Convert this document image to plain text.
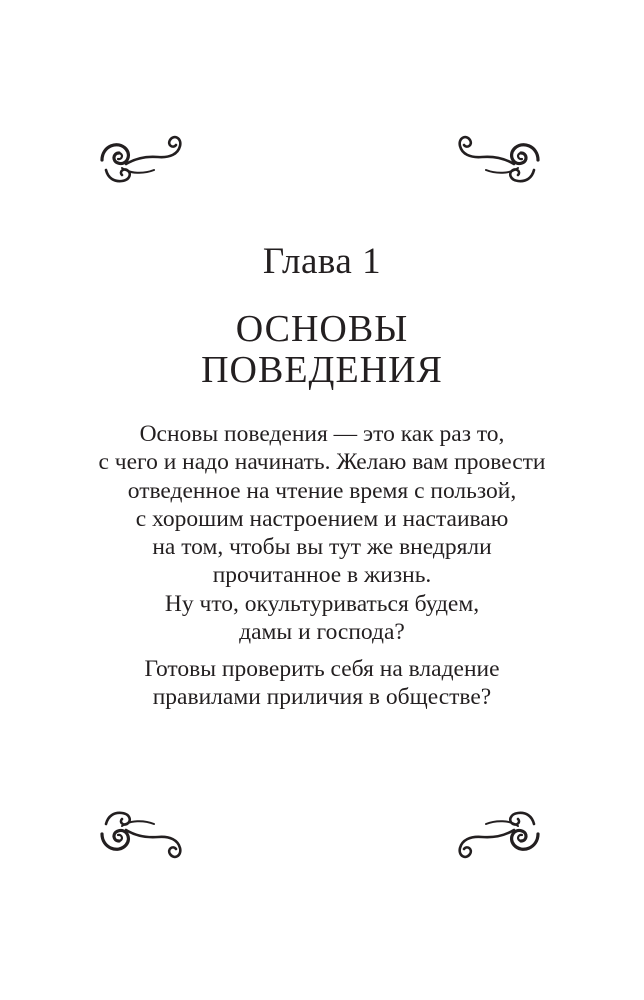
Глава 1
ОСНОВЫ
ПОВЕДЕНИЯ
Основы поведения — это как раз то,
с чего и надо начинать. Желаю вам провести
отведенное на чтение время с пользой,
с хорошим настроением и настаиваю
на том, чтобы вы тут же внедряли
прочитанное в жизнь.
Ну что, окультуриваться будем,
дамы и господа?
Готовы проверить себя на владение
правилами приличия в обществе?
